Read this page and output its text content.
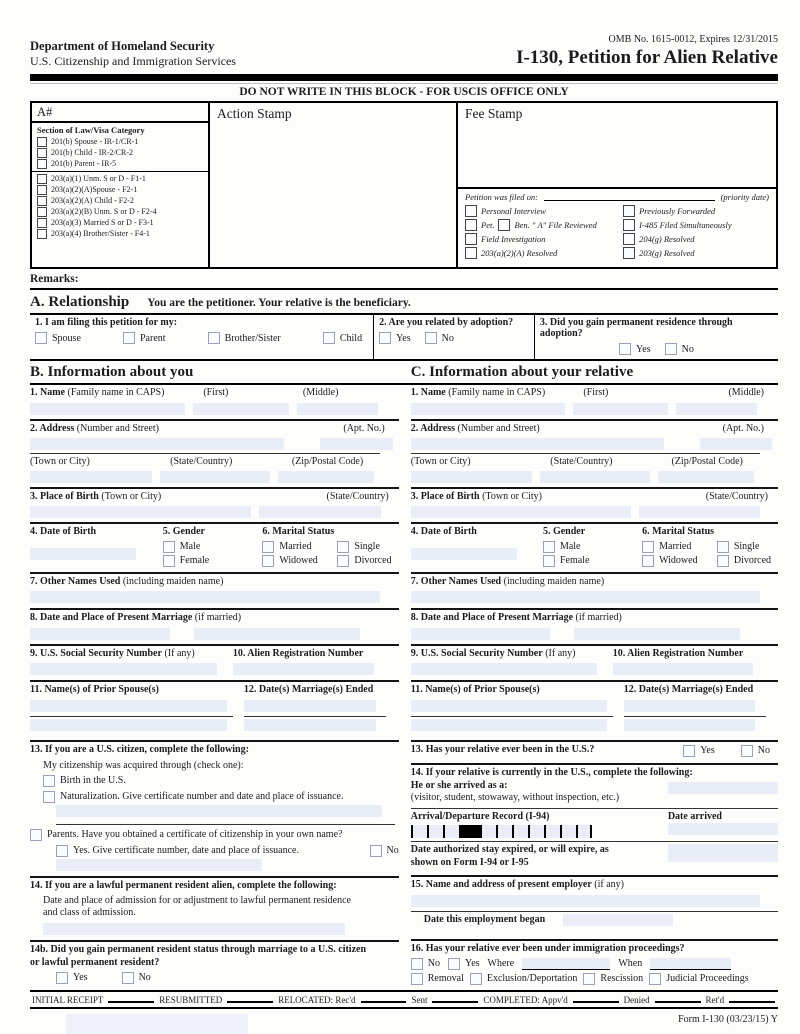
Department of Homeland Security
U.S. Citizenship and Immigration Services
OMB No. 1615-0012, Expires 12/31/2015
I-130, Petition for Alien Relative
DO NOT WRITE IN THIS BLOCK - FOR USCIS OFFICE ONLY
A#
Section of Law/Visa Category
201(b) Spouse - IR-1/CR-1
201(b) Child - IR-2/CR-2
201(b) Parent - IR-5
203(a)(1) Unm. S or D - F1-1
203(a)(2)(A)Spouse - F2-1
203(a)(2)(A) Child - F2-2
203(a)(2)(B) Unm. S or D - F2-4
203(a)(3) Married S or D - F3-1
203(a)(4) Brother/Sister - F4-1
Action Stamp	Fee Stamp
Petition was filed on:	(priority date)
Personal Interview	Previously Forwarded
Pet. Ben. " A" File Reviewed	I-485 Filed Simultaneously
Field Investigation	204(g) Resolved
203(a)(2)(A) Resolved	203(g) Resolved
Remarks:
A. Relationship You are the petitioner. Your relative is the beneficiary.
1. I am filing this petition for my:
Spouse	Parent	Brother/Sister	Child
2. Are you related by adoption?
Yes	No
3. Did you gain permanent residence through adoption?
Yes	No
B. Information about you	C. Information about your relative
1. Name (Family name in CAPS)	(First)	(Middle)
2. Address (Number and Street)	(Apt. No.)
(Town or City)	(State/Country)	(Zip/Postal Code)
3. Place of Birth (Town or City)	(State/Country)
4. Date of Birth	5. Gender
Male
Female
6. Marital Status
Married	Single
Widowed	Divorced
7. Other Names Used (including maiden name)
8. Date and Place of Present Marriage (if married)
9. U.S. Social Security Number (If any)	10. Alien Registration Number
11. Name(s) of Prior Spouse(s)	12. Date(s) Marriage(s) Ended
13. If you are a U.S. citizen, complete the following:
My citizenship was acquired through (check one):
Birth in the U.S.
Naturalization. Give certificate number and date and place of issuance.
Parents. Have you obtained a certificate of citizenship in your own name?
Yes. Give certificate number, date and place of issuance.	No
14. If you are a lawful permanent resident alien, complete the following:
Date and place of admission for or adjustment to lawful permanent residence and class of admission.
14b. Did you gain permanent resident status through marriage to a U.S. citizen or lawful permanent resident?
Yes	No
1. Name (Family name in CAPS)	(First)	(Middle)
2. Address (Number and Street)	(Apt. No.)
(Town or City)	(State/Country)	(Zip/Postal Code)
3. Place of Birth (Town or City)	(State/Country)
4. Date of Birth	5. Gender
Male
Female
6. Marital Status
Married	Single
Widowed	Divorced
7. Other Names Used (including maiden name)
8. Date and Place of Present Marriage (if married)
9. U.S. Social Security Number (If any)	10. Alien Registration Number
11. Name(s) of Prior Spouse(s)	12. Date(s) Marriage(s) Ended
13. Has your relative ever been in the U.S.?	Yes	No
14. If your relative is currently in the U.S., complete the following:
He or she arrived as a:
(visitor, student, stowaway, without inspection, etc.)
Arrival/Departure Record (I-94)	Date arrived
Date authorized stay expired, or will expire, as shown on Form I-94 or I-95
15. Name and address of present employer (if any)
Date this employment began
16. Has your relative ever been under immigration proceedings?
No	Yes Where	When
Removal Exclusion/Deportation Rescission Judicial Proceedings
INITIAL RECEIPT	RESUBMITTED	RELOCATED: Rec'd	Sent	COMPLETED: Appv'd	Denied	Ret'd
Form I-130 (03/23/15) Y
